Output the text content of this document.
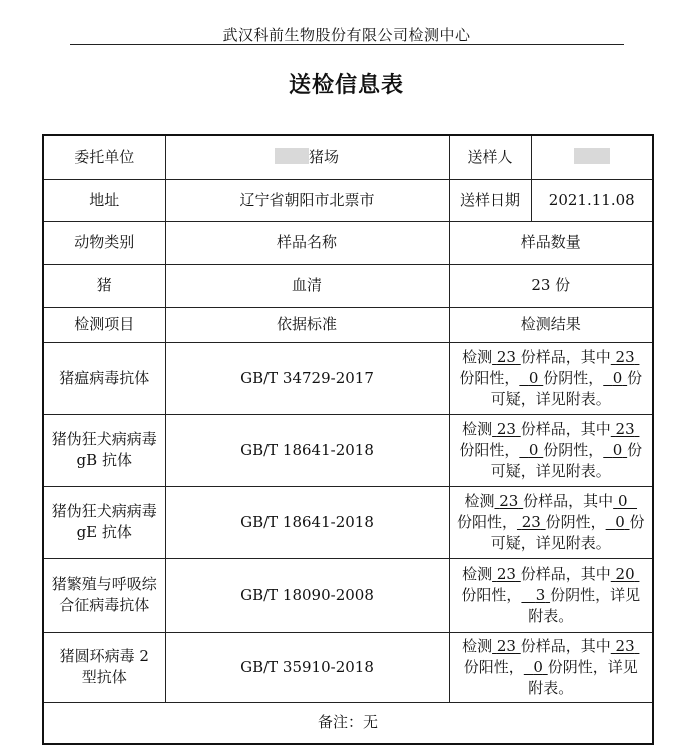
武汉科前生物股份有限公司检测中心
送检信息表
委托单位	猪场	送样人	
地址	辽宁省朝阳市北票市	送样日期	2021.11.08
动物类别	样品名称	样品数量	
猪	血清	23 份	
检测项目	依据标准	检测结果	
猪瘟病毒抗体	GB/T 34729-2017	检测 23 份样品，其中 23
份阳性， 0 份阴性， 0 份
可疑，详见附表。	
猪伪狂犬病病毒 gB 抗体	GB/T 18641-2018	检测 23 份样品，其中 23
份阳性， 0 份阴性， 0 份
可疑，详见附表。	
猪伪狂犬病病毒 gE 抗体	GB/T 18641-2018	检测 23 份样品，其中 0
份阳性， 23 份阴性， 0 份
可疑，详见附表。	
猪繁殖与呼吸综合征病毒抗体	GB/T 18090-2008	检测 23 份样品，其中 20
份阳性， 3 份阴性，详见
附表。	
猪圆环病毒 2 型抗体	GB/T 35910-2018	检测 23 份样品，其中 23
份阳性， 0 份阴性，详见
附表。	
备注：无			
